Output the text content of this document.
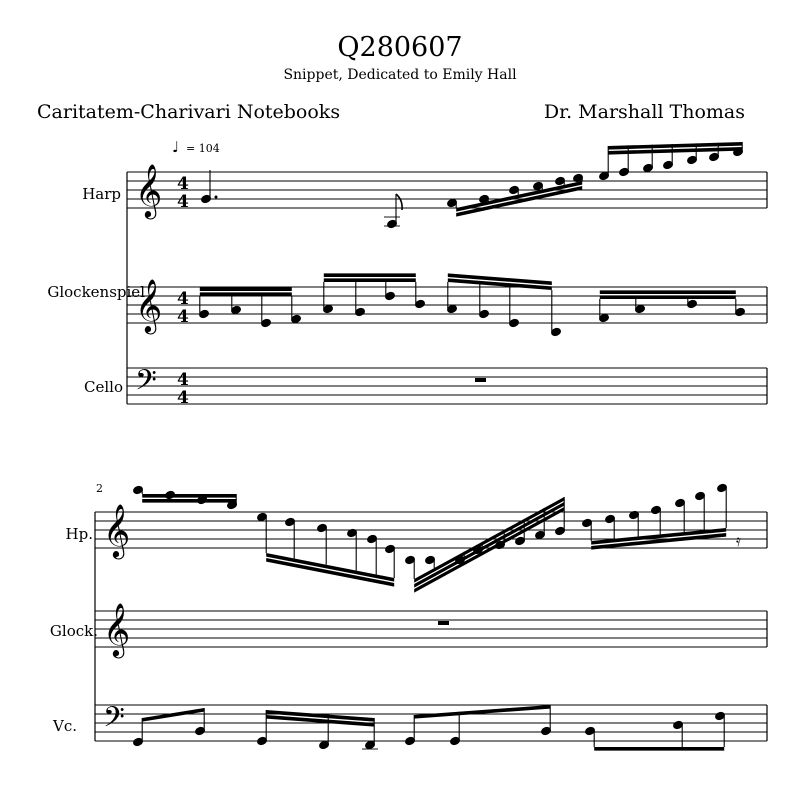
Q280607
Snippet, Dedicated to Emily Hall
Caritatem-Charivari Notebooks	Dr. Marshall Thomas
Harp
Glockenspiel
Cello
Hp.
Glock.
Vc.
𝄞 4
4
𝄞 4
4
𝄢 4
4
𝄞
𝄞
𝄢
♩
𝄿
= 104
2
